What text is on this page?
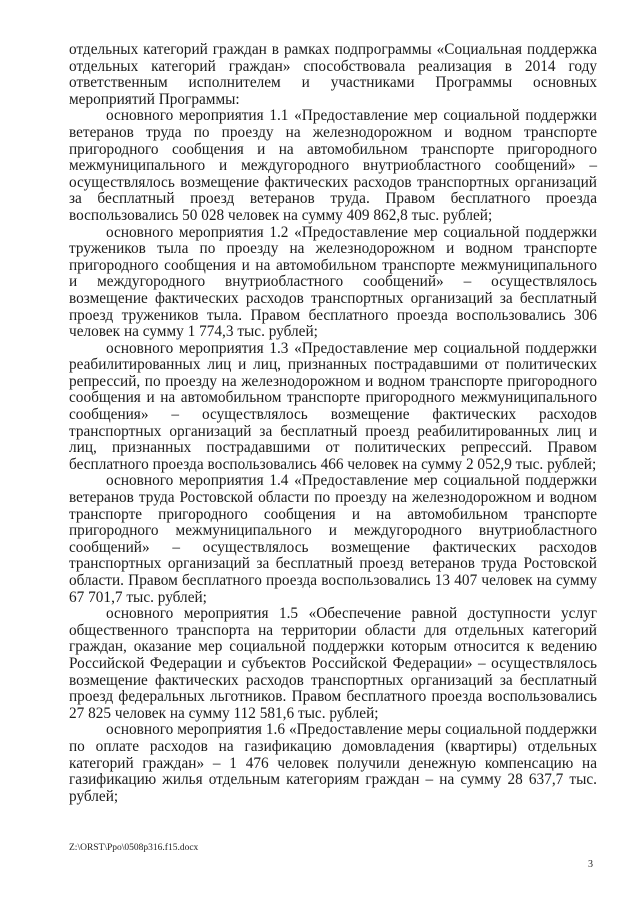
отдельных категорий граждан в рамках подпрограммы «Социальная поддержка отдельных категорий граждан» способствовала реализация в 2014 году ответственным исполнителем и участниками Программы основных мероприятий Программы:

основного мероприятия 1.1 «Предоставление мер социальной поддержки ветеранов труда по проезду на железнодорожном и водном транспорте пригородного сообщения и на автомобильном транспорте пригородного межмуниципального и междугородного внутриобластного сообщений» – осуществлялось возмещение фактических расходов транспортных организаций за бесплатный проезд ветеранов труда. Правом бесплатного проезда воспользовались 50 028 человек на сумму 409 862,8 тыс. рублей;

основного мероприятия 1.2 «Предоставление мер социальной поддержки тружеников тыла по проезду на железнодорожном и водном транспорте пригородного сообщения и на автомобильном транспорте межмуниципального и междугородного внутриобластного сообщений» – осуществлялось возмещение фактических расходов транспортных организаций за бесплатный проезд тружеников тыла. Правом бесплатного проезда воспользовались 306 человек на сумму 1 774,3 тыс. рублей;

основного мероприятия 1.3 «Предоставление мер социальной поддержки реабилитированных лиц и лиц, признанных пострадавшими от политических репрессий, по проезду на железнодорожном и водном транспорте пригородного сообщения и на автомобильном транспорте пригородного межмуниципального сообщения» – осуществлялось возмещение фактических расходов транспортных организаций за бесплатный проезд реабилитированных лиц и лиц, признанных пострадавшими от политических репрессий. Правом бесплатного проезда воспользовались 466 человек на сумму 2 052,9 тыс. рублей;

основного мероприятия 1.4 «Предоставление мер социальной поддержки ветеранов труда Ростовской области по проезду на железнодорожном и водном транспорте пригородного сообщения и на автомобильном транспорте пригородного межмуниципального и междугородного внутриобластного сообщений» – осуществлялось возмещение фактических расходов транспортных организаций за бесплатный проезд ветеранов труда Ростовской области. Правом бесплатного проезда воспользовались 13 407 человек на сумму 67 701,7 тыс. рублей;

основного мероприятия 1.5 «Обеспечение равной доступности услуг общественного транспорта на территории области для отдельных категорий граждан, оказание мер социальной поддержки которым относится к ведению Российской Федерации и субъектов Российской Федерации» – осуществлялось возмещение фактических расходов транспортных организаций за бесплатный проезд федеральных льготников. Правом бесплатного проезда воспользовались 27 825 человек на сумму 112 581,6 тыс. рублей;

основного мероприятия 1.6 «Предоставление меры социальной поддержки по оплате расходов на газификацию домовладения (квартиры) отдельных категорий граждан» – 1 476 человек получили денежную компенсацию на газификацию жилья отдельным категориям граждан – на сумму 28 637,7 тыс. рублей;

Z:\ORST\Ppo\0508p316.f15.docx
3
